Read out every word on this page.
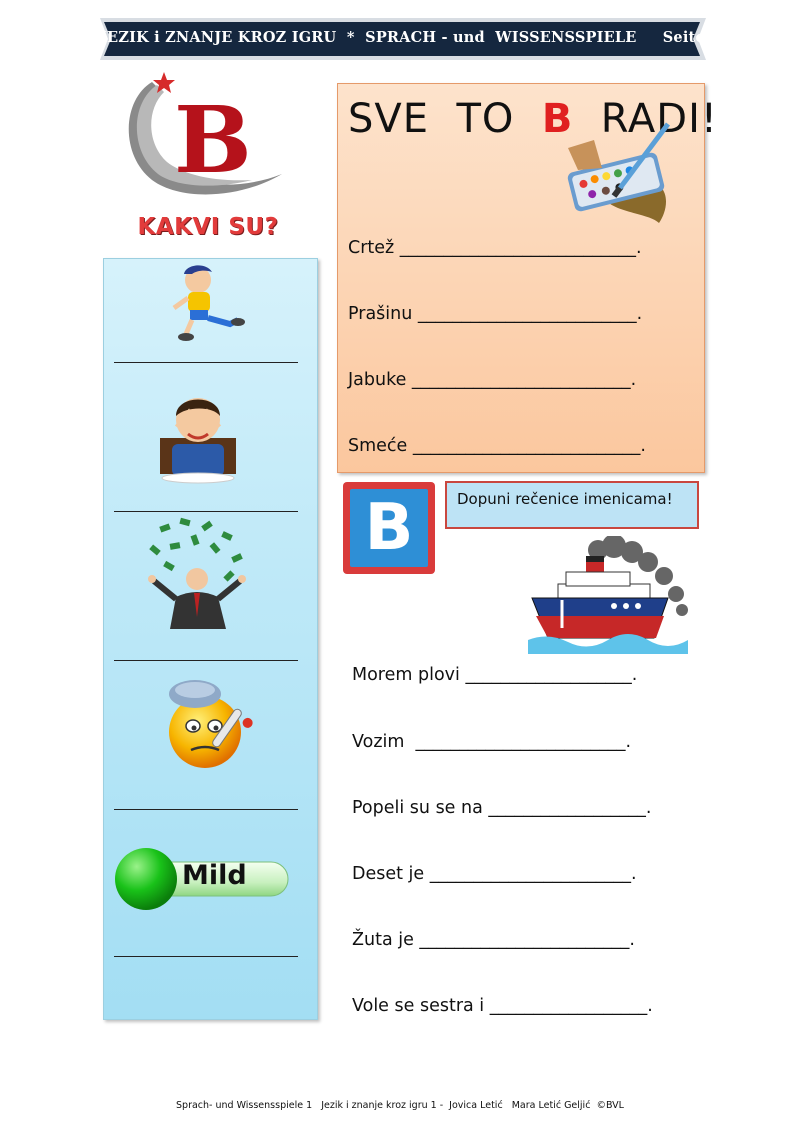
JEZIK i ZNANJE KROZ IGRU  *  SPRACH - und  WISSENSSPIELE     Seite  24    BKS
B
KAKVI SU?
Mild
SVE  TO  B  RADI!
Crtež ___________________________.
Prašinu _________________________.
Jabuke _________________________.
Smeće __________________________.
B	Dopuni rečenice imenicama!
Morem plovi ___________________.
Vozim  ________________________.
Popeli su se na __________________.
Deset je _______________________.
Žuta je ________________________.
Vole se sestra i __________________.
Sprach- und Wissensspiele 1   Jezik i znanje kroz igru 1 -  Jovica Letić   Mara Letić Geljić  ©BVL
